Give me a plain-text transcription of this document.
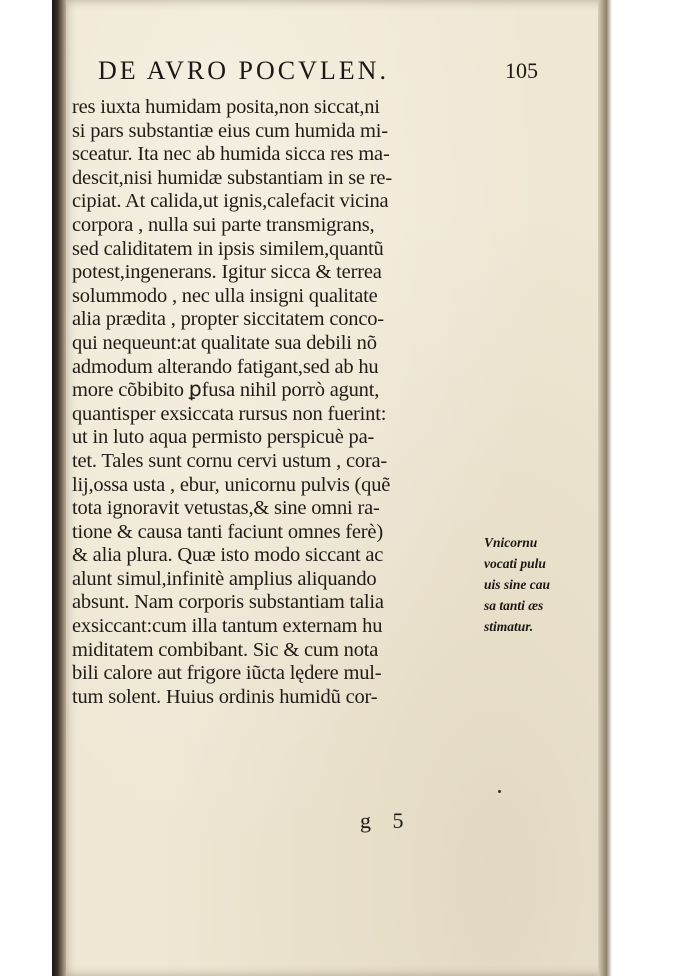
DE AVRO POCVLEN.	105
res iuxta humidam posita,non siccat,ni
si pars substantiæ eius cum humida mi-
sceatur. Ita nec ab humida sicca res ma-
descit,nisi humidæ substantiam in se re-
cipiat. At calida,ut ignis,calefacit vicina
corpora , nulla sui parte transmigrans,
sed caliditatem in ipsis similem,quantũ
potest,ingenerans. Igitur sicca & terrea
solummodo , nec ulla insigni qualitate
alia prædita , propter siccitatem conco-
qui nequeunt:at qualitate sua debili nõ
admodum alterando fatigant,sed ab hu
more cõbibito ꝑfusa nihil porrò agunt,
quantisper exsiccata rursus non fuerint:
ut in luto aqua permisto perspicuè pa-
tet. Tales sunt cornu cervi ustum , cora-
lij,ossa usta , ebur, unicornu pulvis (quẽ
tota ignoravit vetustas,& sine omni ra-
tione & causa tanti faciunt omnes ferè)
& alia plura. Quæ isto modo siccant ac
alunt simul,infinitè amplius aliquando
absunt. Nam corporis substantiam talia
exsiccant:cum illa tantum externam hu
miditatem combibant. Sic & cum nota
bili calore aut frigore iũcta lędere mul-
tum solent. Huius ordinis humidũ cor-
Vnicornu
vocati pulu
uis sine cau
sa tanti æs
stimatur.
g 5
